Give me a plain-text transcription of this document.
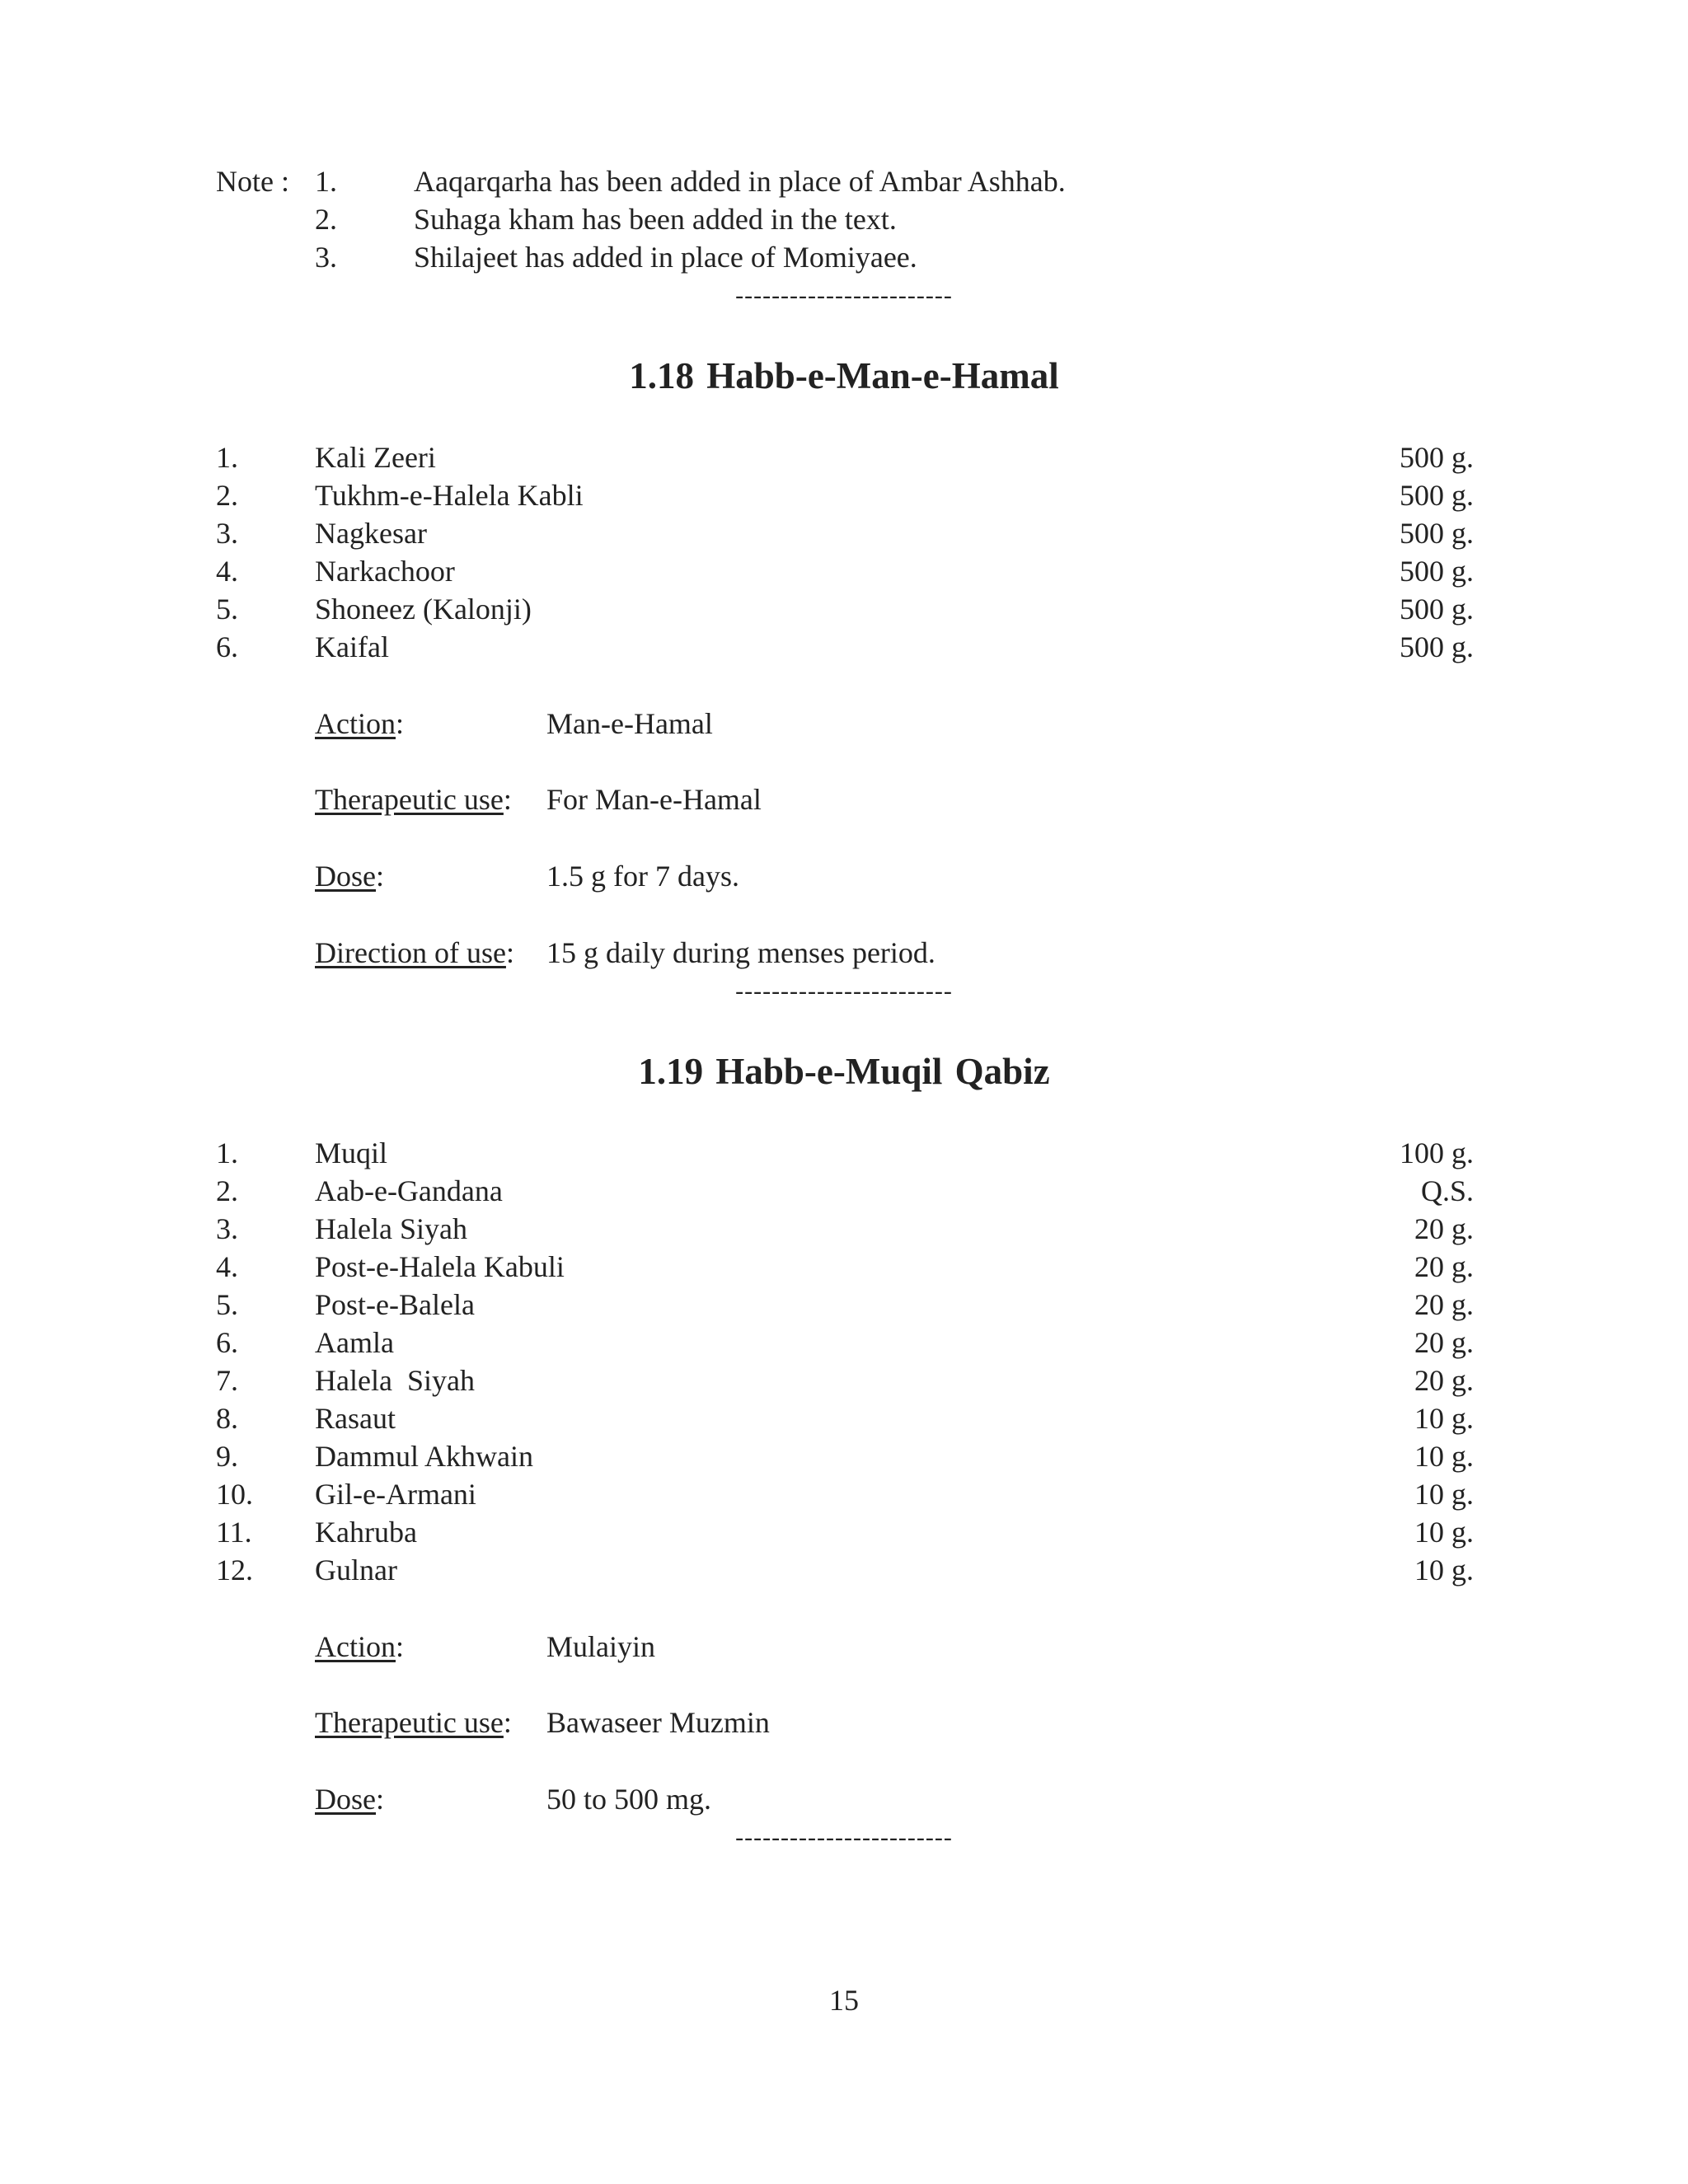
Note : 1.	Aaqarqarha has been added in place of Ambar Ashhab.
2.	Suhaga kham has been added in the text.
3.	Shilajeet has added in place of Momiyaee.
------------------------
1.18 Habb-e-Man-e-Hamal
1.	Kali Zeeri	500 g.
2.	Tukhm-e-Halela Kabli	500 g.
3.	Nagkesar	500 g.
4.	Narkachoor	500 g.
5.	Shoneez (Kalonji)	500 g.
6.	Kaifal	500 g.
Action:	Man-e-Hamal
Therapeutic use: For Man-e-Hamal
Dose:	1.5 g for 7 days.
Direction of use: 15 g daily during menses period.
------------------------
1.19 Habb-e-Muqil Qabiz
1.	Muqil	100 g.
2.	Aab-e-Gandana	Q.S.
3.	Halela Siyah	20 g.
4.	Post-e-Halela Kabuli	20 g.
5.	Post-e-Balela	20 g.
6.	Aamla	20 g.
7.	Halela  Siyah	20 g.
8.	Rasaut	10 g.
9.	Dammul Akhwain	10 g.
10. Gil-e-Armani	10 g.
11. Kahruba	10 g.
12. Gulnar	10 g.
Action:	Mulaiyin
Therapeutic use: Bawaseer Muzmin
Dose:	50 to 500 mg.
------------------------
15
